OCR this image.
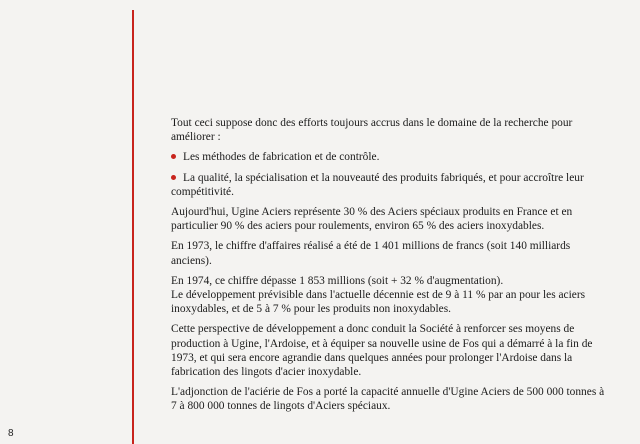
Tout ceci suppose donc des efforts toujours accrus dans le domaine de la recherche pour améliorer :

Les méthodes de fabrication et de contrôle.
La qualité, la spécialisation et la nouveauté des produits fabriqués, et pour accroître leur compétitivité.

Aujourd'hui, Ugine Aciers représente 30 % des Aciers spéciaux produits en France et en particulier 90 % des aciers pour roulements, environ 65 % des aciers inoxydables.

En 1973, le chiffre d'affaires réalisé a été de 1 401 millions de francs (soit 140 milliards anciens).

En 1974, ce chiffre dépasse 1 853 millions (soit + 32 % d'augmentation).

Le développement prévisible dans l'actuelle décennie est de 9 à 11 % par an pour les aciers inoxydables, et de 5 à 7 % pour les produits non inoxydables.

Cette perspective de développement a donc conduit la Société à renforcer ses moyens de production à Ugine, l'Ardoise, et à équiper sa nouvelle usine de Fos qui a démarré à la fin de 1973, et qui sera encore agrandie dans quelques années pour prolonger l'Ardoise dans la fabrication des lingots d'acier inoxydable.

L'adjonction de l'aciérie de Fos a porté la capacité annuelle d'Ugine Aciers de 500 000 tonnes à 7 à 800 000 tonnes de lingots d'Aciers spéciaux.

8
